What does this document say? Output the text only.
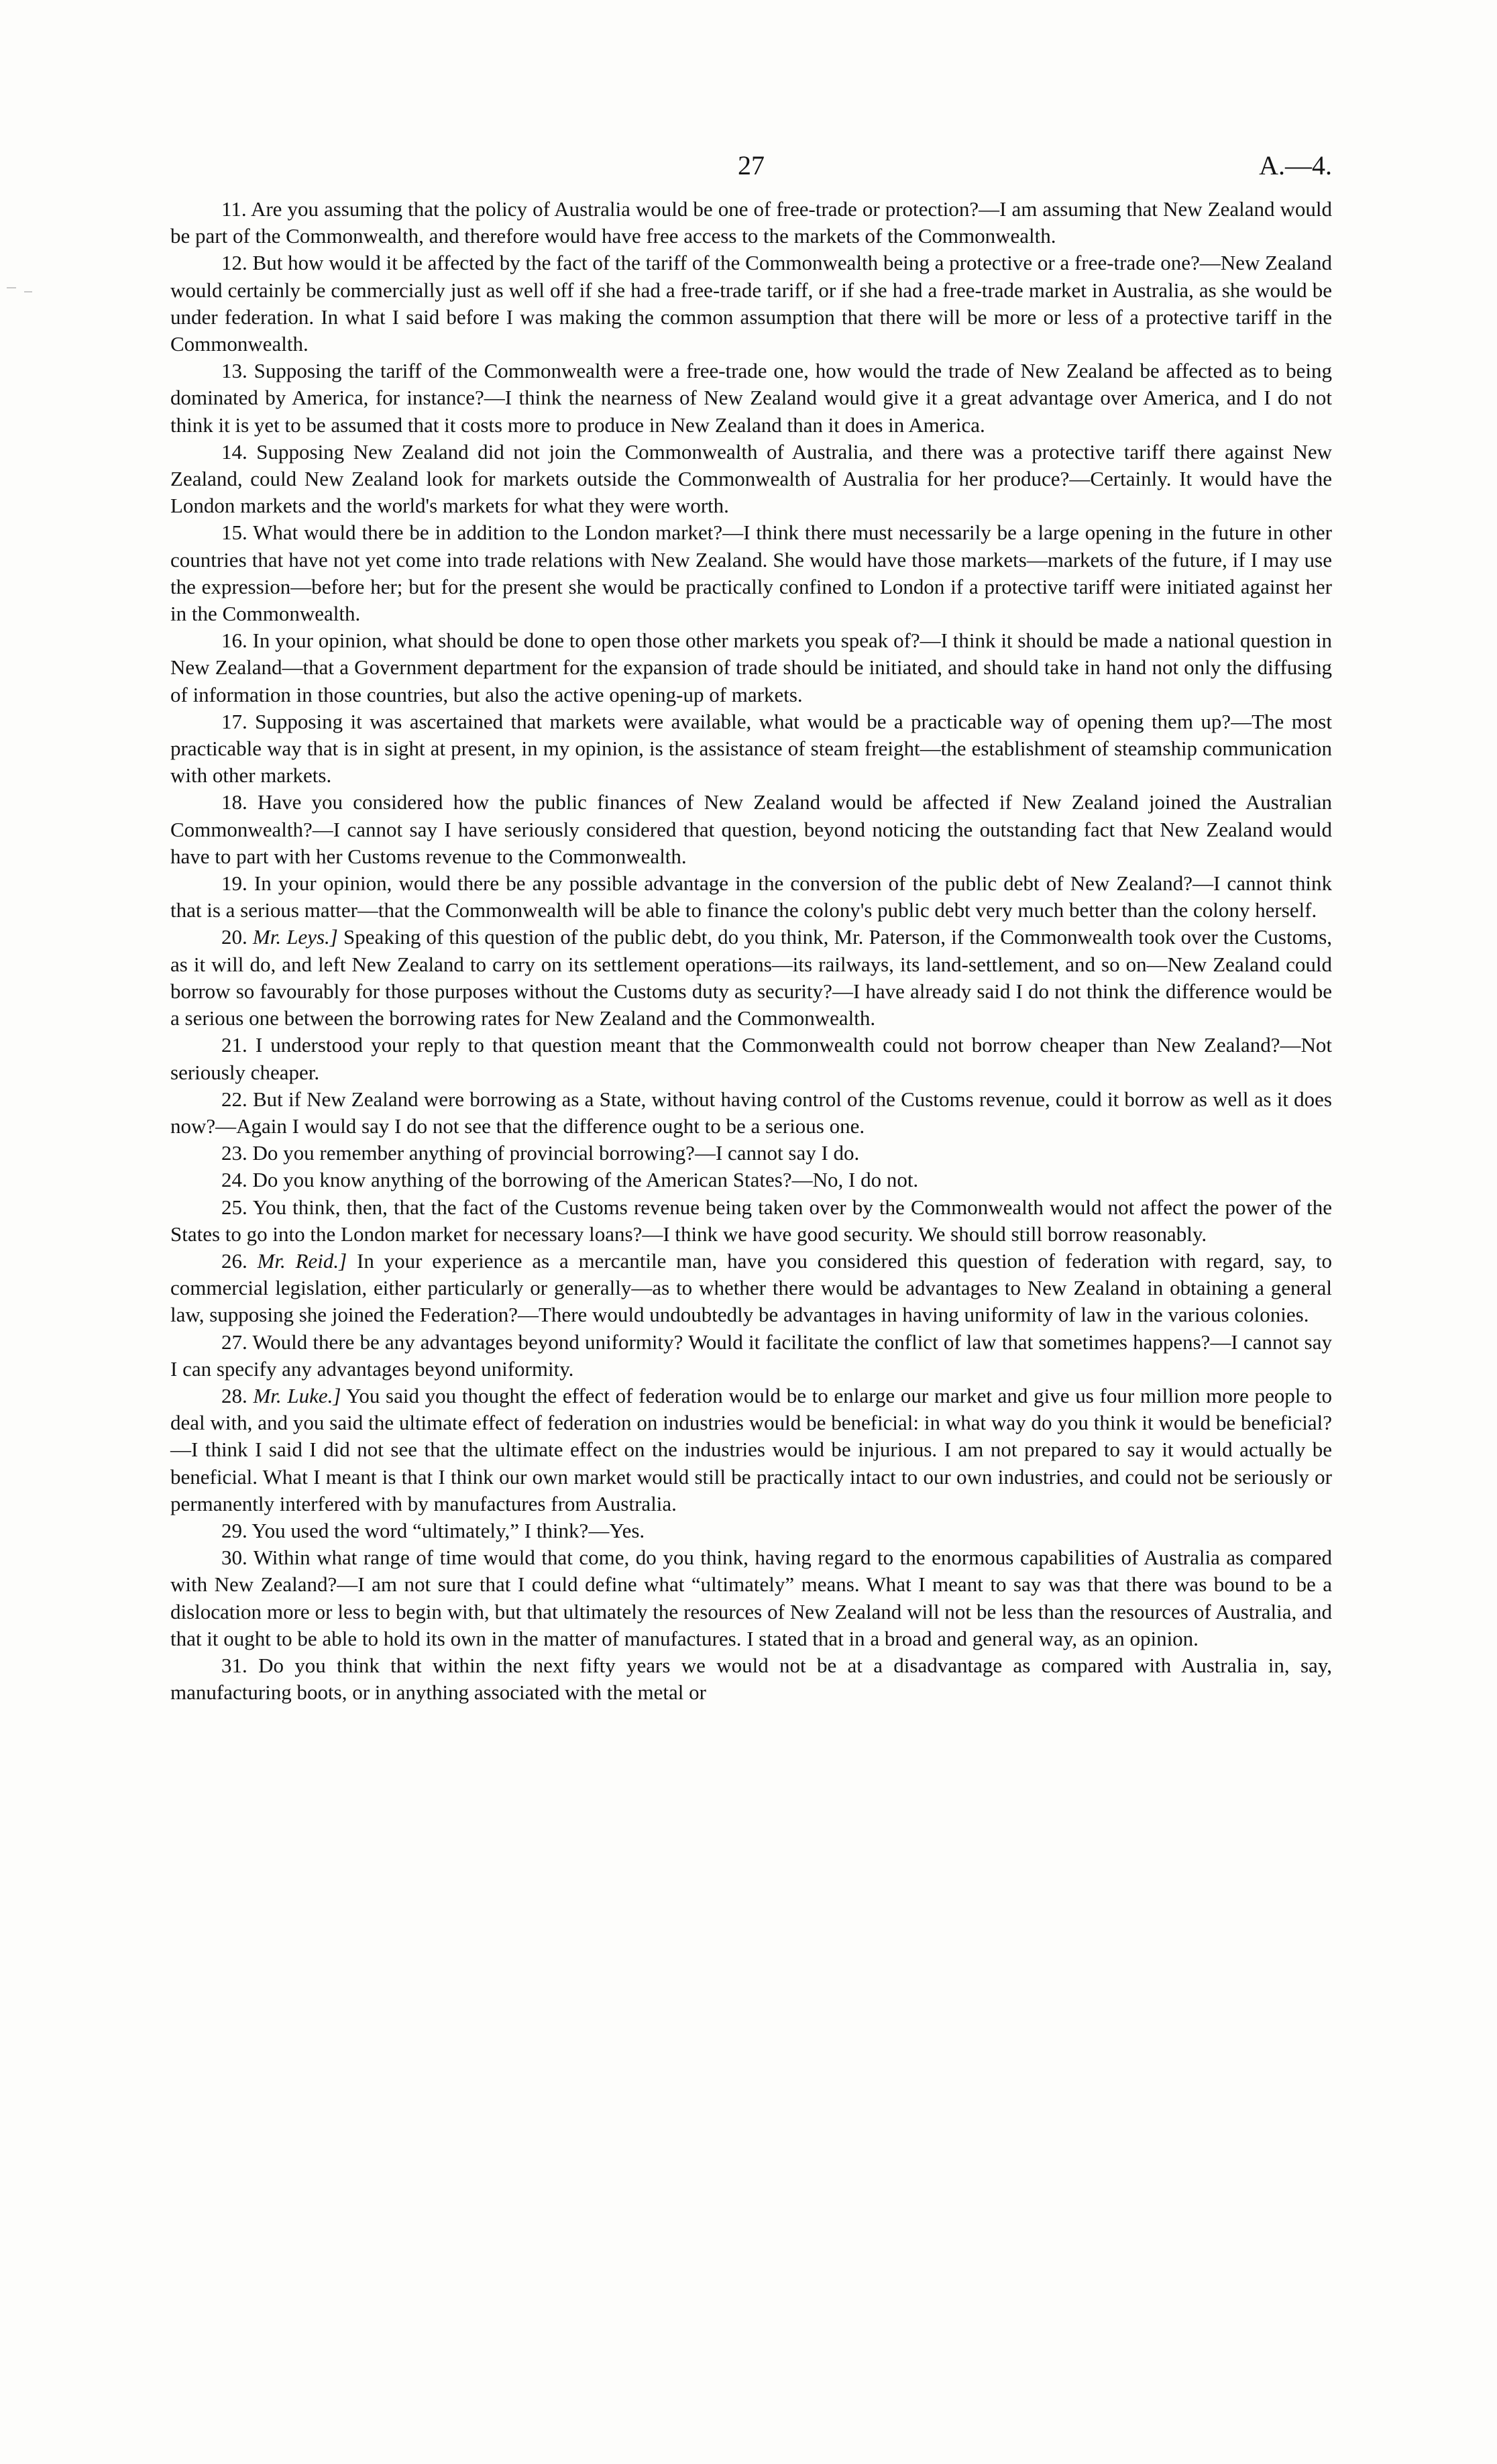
27	A.—4.

11. Are you assuming that the policy of Australia would be one of free-trade or protection?—I am assuming that New Zealand would be part of the Commonwealth, and therefore would have free access to the markets of the Commonwealth.

12. But how would it be affected by the fact of the tariff of the Commonwealth being a protective or a free-trade one?—New Zealand would certainly be commercially just as well off if she had a free-trade tariff, or if she had a free-trade market in Australia, as she would be under federation. In what I said before I was making the common assumption that there will be more or less of a protective tariff in the Commonwealth.

13. Supposing the tariff of the Commonwealth were a free-trade one, how would the trade of New Zealand be affected as to being dominated by America, for instance?—I think the nearness of New Zealand would give it a great advantage over America, and I do not think it is yet to be assumed that it costs more to produce in New Zealand than it does in America.

14. Supposing New Zealand did not join the Commonwealth of Australia, and there was a protective tariff there against New Zealand, could New Zealand look for markets outside the Commonwealth of Australia for her produce?—Certainly. It would have the London markets and the world's markets for what they were worth.

15. What would there be in addition to the London market?—I think there must necessarily be a large opening in the future in other countries that have not yet come into trade relations with New Zealand. She would have those markets—markets of the future, if I may use the expression—before her; but for the present she would be practically confined to London if a protective tariff were initiated against her in the Commonwealth.

16. In your opinion, what should be done to open those other markets you speak of?—I think it should be made a national question in New Zealand—that a Government department for the expansion of trade should be initiated, and should take in hand not only the diffusing of information in those countries, but also the active opening-up of markets.

17. Supposing it was ascertained that markets were available, what would be a practicable way of opening them up?—The most practicable way that is in sight at present, in my opinion, is the assistance of steam freight—the establishment of steamship communication with other markets.

18. Have you considered how the public finances of New Zealand would be affected if New Zealand joined the Australian Commonwealth?—I cannot say I have seriously considered that question, beyond noticing the outstanding fact that New Zealand would have to part with her Customs revenue to the Commonwealth.

19. In your opinion, would there be any possible advantage in the conversion of the public debt of New Zealand?—I cannot think that is a serious matter—that the Commonwealth will be able to finance the colony's public debt very much better than the colony herself.

20. Mr. Leys.] Speaking of this question of the public debt, do you think, Mr. Paterson, if the Commonwealth took over the Customs, as it will do, and left New Zealand to carry on its settlement operations—its railways, its land-settlement, and so on—New Zealand could borrow so favourably for those purposes without the Customs duty as security?—I have already said I do not think the difference would be a serious one between the borrowing rates for New Zealand and the Commonwealth.

21. I understood your reply to that question meant that the Commonwealth could not borrow cheaper than New Zealand?—Not seriously cheaper.

22. But if New Zealand were borrowing as a State, without having control of the Customs revenue, could it borrow as well as it does now?—Again I would say I do not see that the difference ought to be a serious one.

23. Do you remember anything of provincial borrowing?—I cannot say I do.

24. Do you know anything of the borrowing of the American States?—No, I do not.

25. You think, then, that the fact of the Customs revenue being taken over by the Commonwealth would not affect the power of the States to go into the London market for necessary loans?—I think we have good security. We should still borrow reasonably.

26. Mr. Reid.] In your experience as a mercantile man, have you considered this question of federation with regard, say, to commercial legislation, either particularly or generally—as to whether there would be advantages to New Zealand in obtaining a general law, supposing she joined the Federation?—There would undoubtedly be advantages in having uniformity of law in the various colonies.

27. Would there be any advantages beyond uniformity? Would it facilitate the conflict of law that sometimes happens?—I cannot say I can specify any advantages beyond uniformity.

28. Mr. Luke.] You said you thought the effect of federation would be to enlarge our market and give us four million more people to deal with, and you said the ultimate effect of federation on industries would be beneficial: in what way do you think it would be beneficial?—I think I said I did not see that the ultimate effect on the industries would be injurious. I am not prepared to say it would actually be beneficial. What I meant is that I think our own market would still be practically intact to our own industries, and could not be seriously or permanently interfered with by manufactures from Australia.

29. You used the word “ultimately,” I think?—Yes.

30. Within what range of time would that come, do you think, having regard to the enormous capabilities of Australia as compared with New Zealand?—I am not sure that I could define what “ultimately” means. What I meant to say was that there was bound to be a dislocation more or less to begin with, but that ultimately the resources of New Zealand will not be less than the resources of Australia, and that it ought to be able to hold its own in the matter of manufactures. I stated that in a broad and general way, as an opinion.

31. Do you think that within the next fifty years we would not be at a disadvantage as compared with Australia in, say, manufacturing boots, or in anything associated with the metal or
